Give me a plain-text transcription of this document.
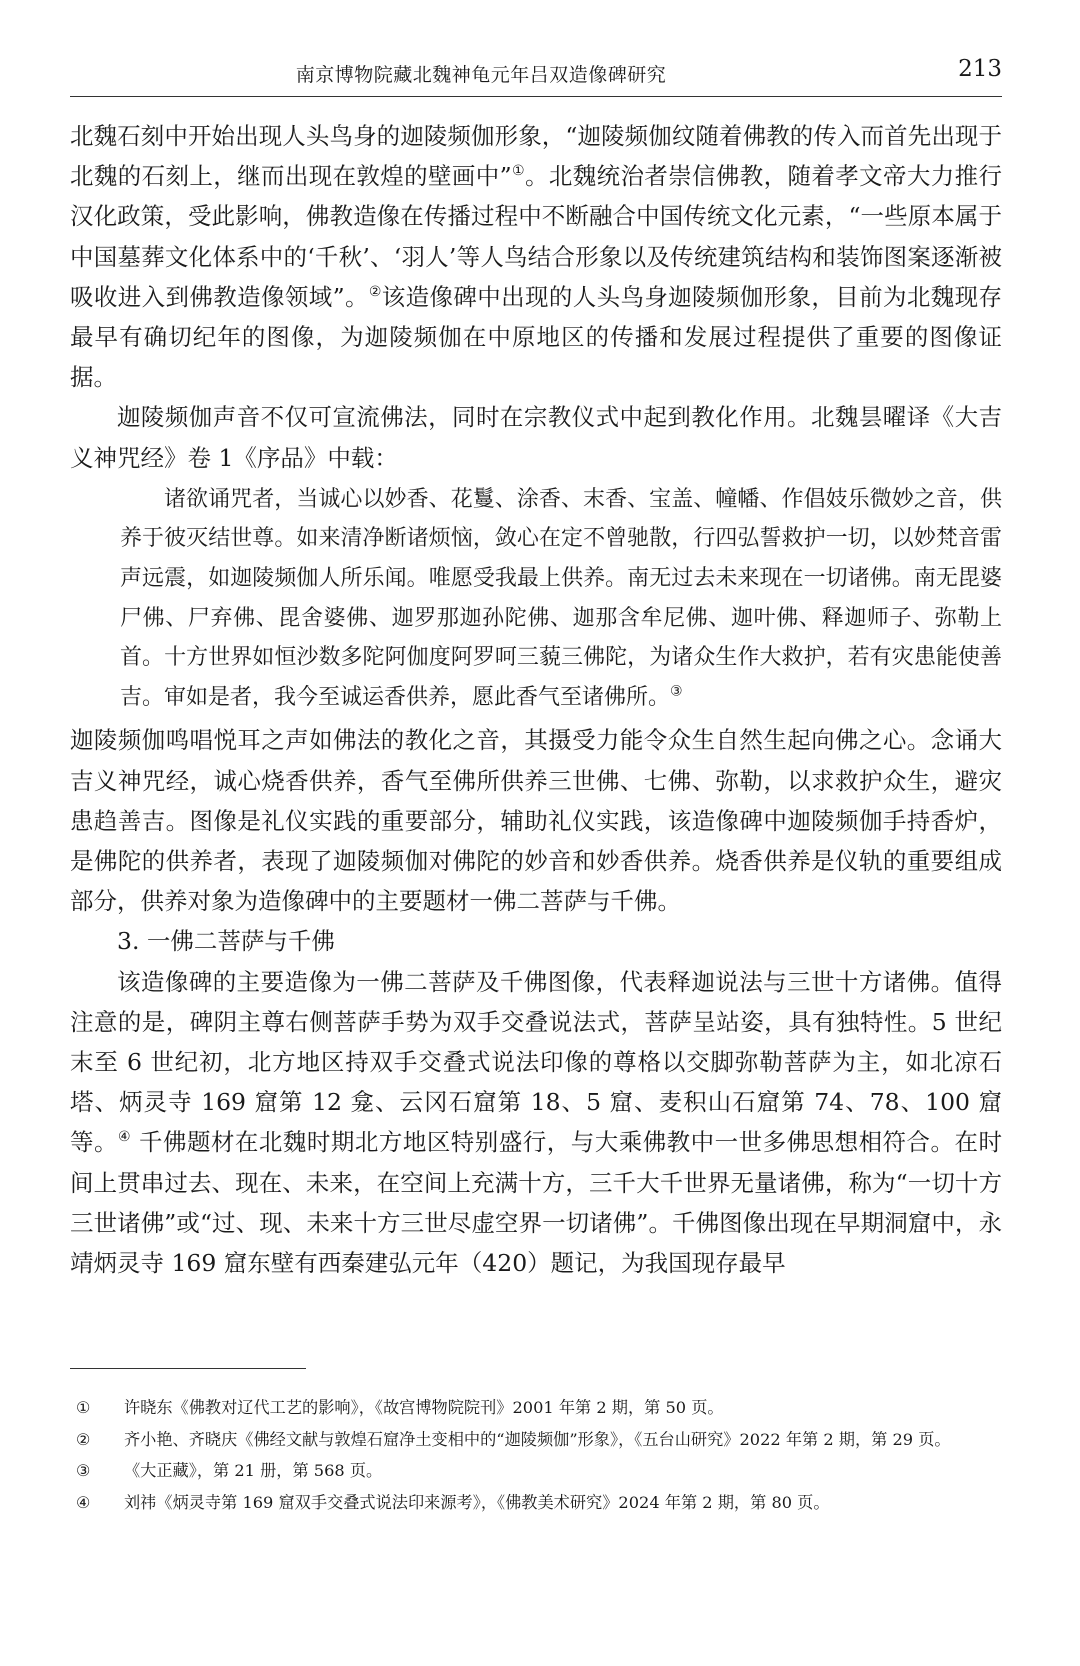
南京博物院藏北魏神龟元年吕双造像碑研究	213

北魏石刻中开始出现人头鸟身的迦陵频伽形象，“迦陵频伽纹随着佛教的传入而首先出现于北魏的石刻上，继而出现在敦煌的壁画中”①。北魏统治者崇信佛教，随着孝文帝大力推行汉化政策，受此影响，佛教造像在传播过程中不断融合中国传统文化元素，“一些原本属于中国墓葬文化体系中的‘千秋’、‘羽人’等人鸟结合形象以及传统建筑结构和装饰图案逐渐被吸收进入到佛教造像领域”。②该造像碑中出现的人头鸟身迦陵频伽形象，目前为北魏现存最早有确切纪年的图像，为迦陵频伽在中原地区的传播和发展过程提供了重要的图像证据。

迦陵频伽声音不仅可宣流佛法，同时在宗教仪式中起到教化作用。北魏昙曜译《大吉义神咒经》卷 1《序品》中载：

诸欲诵咒者，当诚心以妙香、花鬘、涂香、末香、宝盖、幢幡、作倡妓乐微妙之音，供养于彼灭结世尊。如来清净断诸烦恼，敛心在定不曾驰散，行四弘誓救护一切，以妙梵音雷声远震，如迦陵频伽人所乐闻。唯愿受我最上供养。南无过去未来现在一切诸佛。南无毘婆尸佛、尸弃佛、毘舍婆佛、迦罗那迦孙陀佛、迦那含牟尼佛、迦叶佛、释迦师子、弥勒上首。十方世界如恒沙数多陀阿伽度阿罗呵三藐三佛陀，为诸众生作大救护，若有灾患能使善吉。审如是者，我今至诚运香供养，愿此香气至诸佛所。③

迦陵频伽鸣唱悦耳之声如佛法的教化之音，其摄受力能令众生自然生起向佛之心。念诵大吉义神咒经，诚心烧香供养，香气至佛所供养三世佛、七佛、弥勒，以求救护众生，避灾患趋善吉。图像是礼仪实践的重要部分，辅助礼仪实践，该造像碑中迦陵频伽手持香炉，是佛陀的供养者，表现了迦陵频伽对佛陀的妙音和妙香供养。烧香供养是仪轨的重要组成部分，供养对象为造像碑中的主要题材一佛二菩萨与千佛。

3. 一佛二菩萨与千佛

该造像碑的主要造像为一佛二菩萨及千佛图像，代表释迦说法与三世十方诸佛。值得注意的是，碑阴主尊右侧菩萨手势为双手交叠说法式，菩萨呈站姿，具有独特性。5 世纪末至 6 世纪初，北方地区持双手交叠式说法印像的尊格以交脚弥勒菩萨为主，如北凉石塔、炳灵寺 169 窟第 12 龛、云冈石窟第 18、5 窟、麦积山石窟第 74、78、100 窟等。④ 千佛题材在北魏时期北方地区特别盛行，与大乘佛教中一世多佛思想相符合。在时间上贯串过去、现在、未来，在空间上充满十方，三千大千世界无量诸佛，称为“一切十方三世诸佛”或“过、现、未来十方三世尽虚空界一切诸佛”。千佛图像出现在早期洞窟中，永靖炳灵寺 169 窟东壁有西秦建弘元年（420）题记，为我国现存最早

①	许晓东《佛教对辽代工艺的影响》，《故宫博物院院刊》2001 年第 2 期，第 50 页。
②	齐小艳、齐晓庆《佛经文献与敦煌石窟净土变相中的“迦陵频伽”形象》，《五台山研究》2022 年第 2 期，第 29 页。
③	《大正藏》，第 21 册，第 568 页。
④	刘祎《炳灵寺第 169 窟双手交叠式说法印来源考》，《佛教美术研究》2024 年第 2 期，第 80 页。
